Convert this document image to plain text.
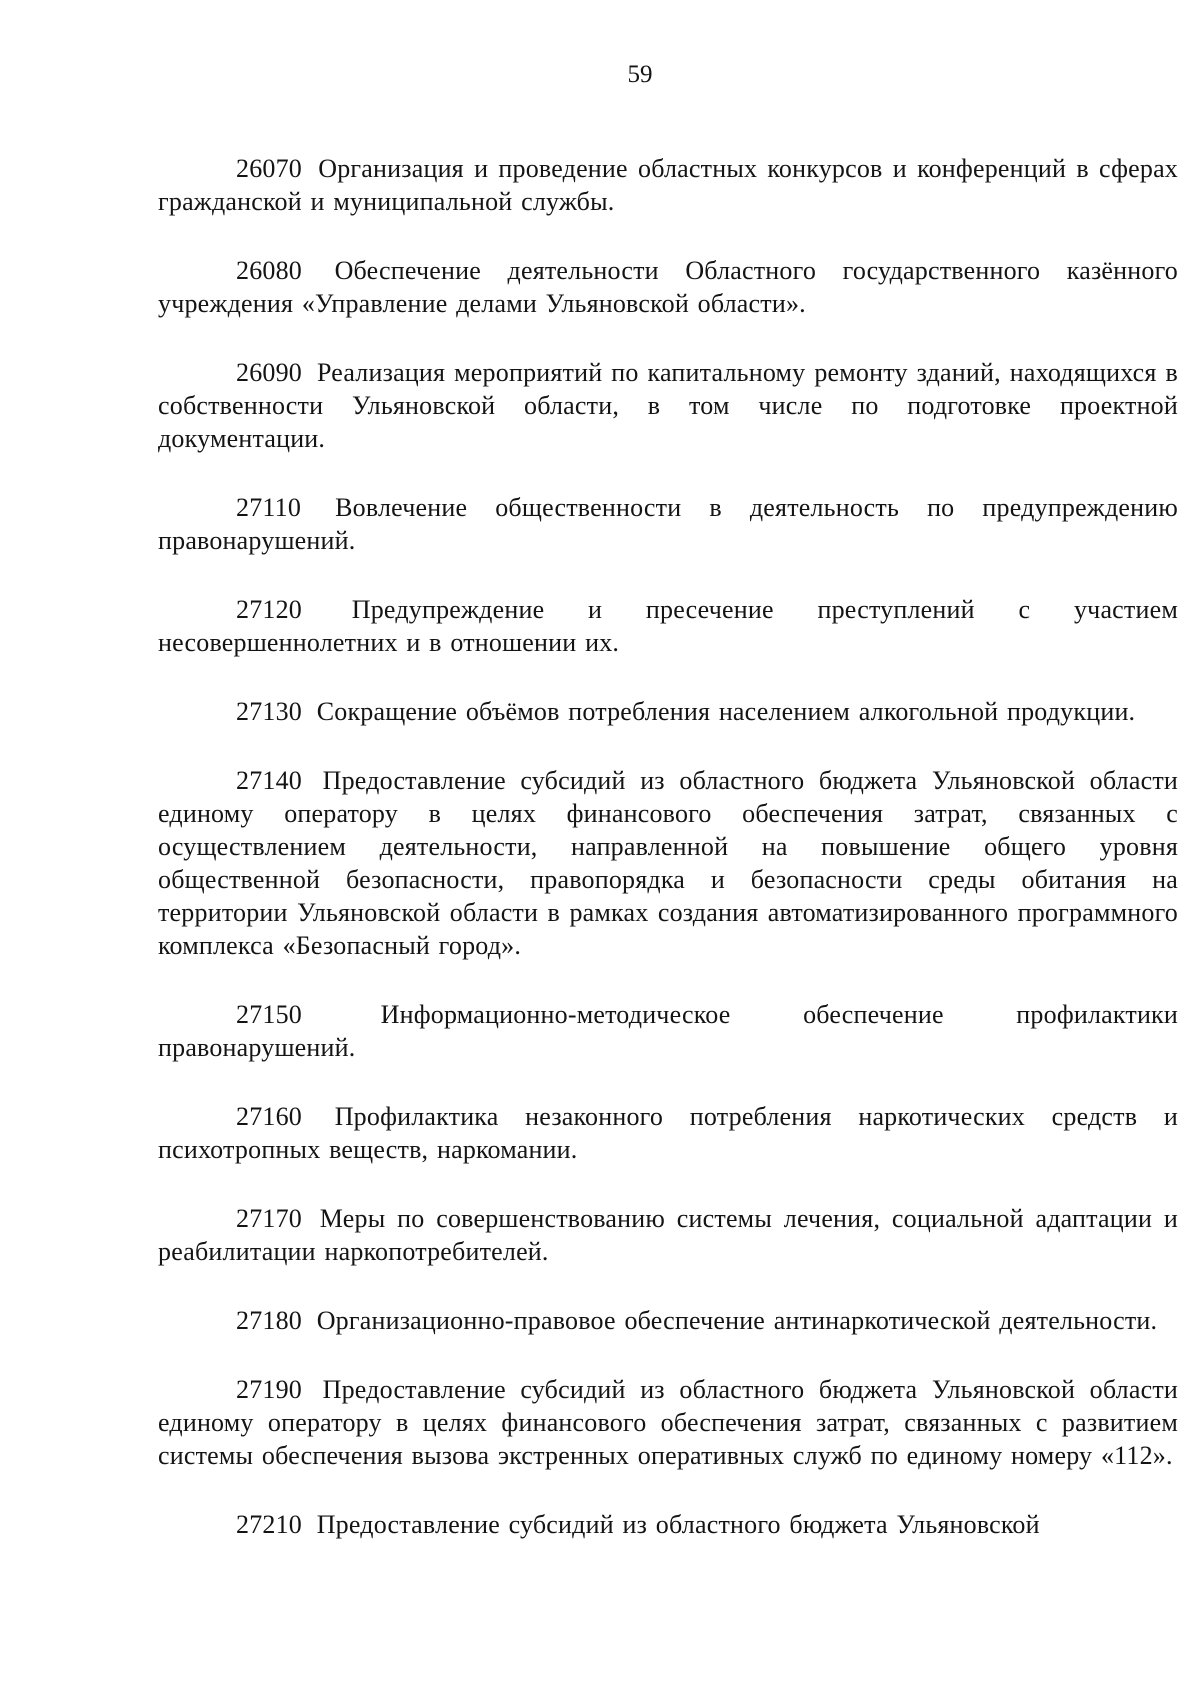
59

26070 Организация и проведение областных конкурсов и конференций в сферах гражданской и муниципальной службы.

26080 Обеспечение деятельности Областного государственного казённого учреждения «Управление делами Ульяновской области».

26090 Реализация мероприятий по капитальному ремонту зданий, находящихся в собственности Ульяновской области, в том числе по подготовке проектной документации.

27110 Вовлечение общественности в деятельность по предупреждению правонарушений.

27120 Предупреждение и пресечение преступлений с участием несовершеннолетних и в отношении их.

27130 Сокращение объёмов потребления населением алкогольной продукции.

27140 Предоставление субсидий из областного бюджета Ульяновской области единому оператору в целях финансового обеспечения затрат, связанных с осуществлением деятельности, направленной на повышение общего уровня общественной безопасности, правопорядка и безопасности среды обитания на территории Ульяновской области в рамках создания автоматизированного программного комплекса «Безопасный город».

27150	Информационно-методическое обеспечение профилактики правонарушений.

27160 Профилактика незаконного потребления наркотических средств и психотропных веществ, наркомании.

27170 Меры по совершенствованию системы лечения, социальной адаптации и реабилитации наркопотребителей.

27180 Организационно-правовое обеспечение антинаркотической деятельности.

27190 Предоставление субсидий из областного бюджета Ульяновской области единому оператору в целях финансового обеспечения затрат, связанных с развитием системы обеспечения вызова экстренных оперативных служб по единому номеру «112».

27210 Предоставление субсидий из областного бюджета Ульяновской
